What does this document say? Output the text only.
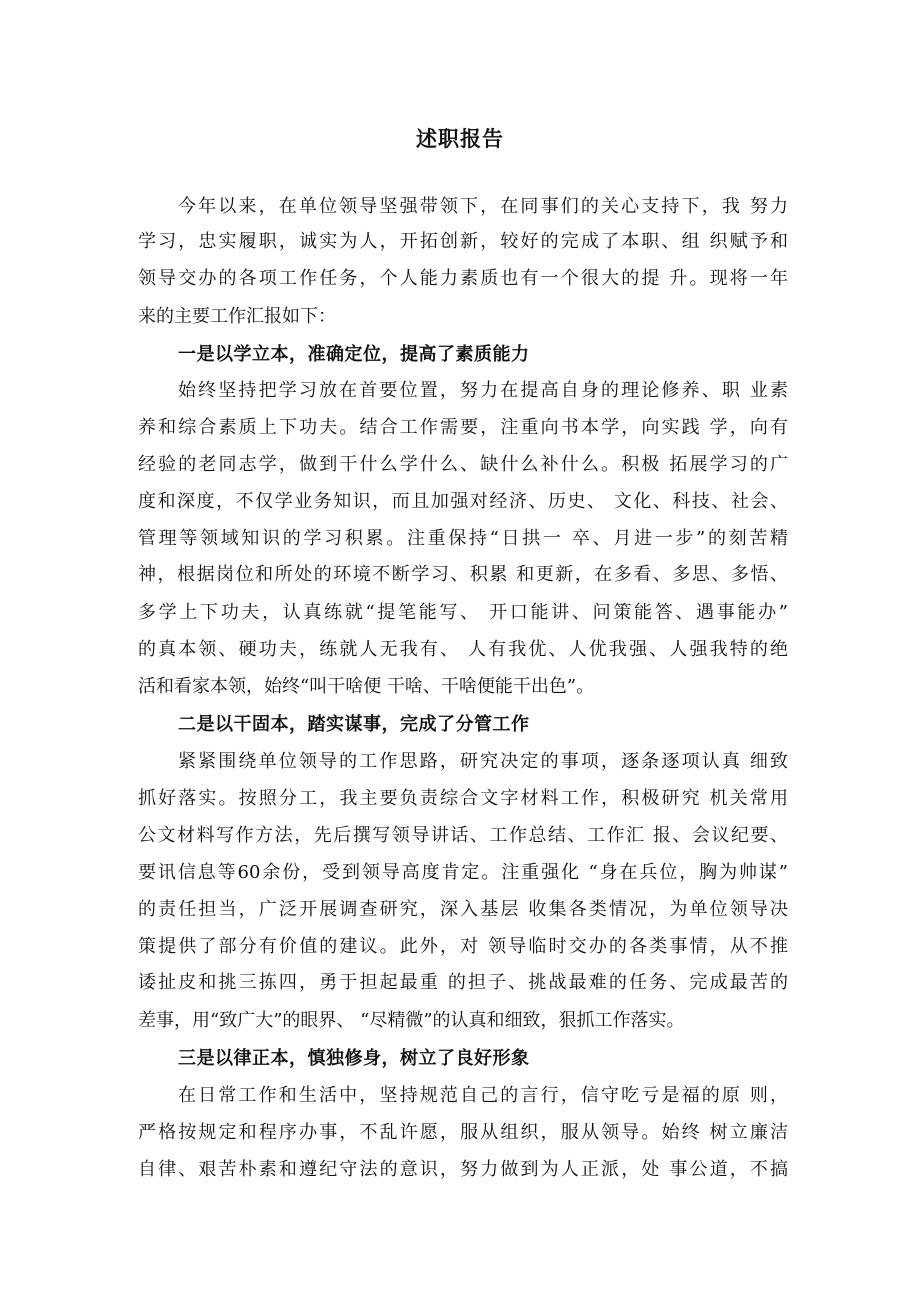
述职报告
今年以来，在单位领导坚强带领下，在同事们的关心支持下，我 努力
学习，忠实履职，诚实为人，开拓创新，较好的完成了本职、组 织赋予和
领导交办的各项工作任务，个人能力素质也有一个很大的提 升。现将一年
来的主要工作汇报如下：
一是以学立本，准确定位，提高了素质能力
始终坚持把学习放在首要位置，努力在提高自身的理论修养、职 业素
养和综合素质上下功夫。结合工作需要，注重向书本学，向实践 学，向有
经验的老同志学，做到干什么学什么、缺什么补什么。积极 拓展学习的广
度和深度，不仅学业务知识，而且加强对经济、历史、 文化、科技、社会、
管理等领域知识的学习积累。注重保持“日拱一 卒、月进一步”的刻苦精
神，根据岗位和所处的环境不断学习、积累 和更新，在多看、多思、多悟、
多学上下功夫，认真练就“提笔能写、 开口能讲、问策能答、遇事能办”
的真本领、硬功夫，练就人无我有、 人有我优、人优我强、人强我特的绝
活和看家本领，始终“叫干啥便 干啥、干啥便能干出色”。
二是以干固本，踏实谋事，完成了分管工作
紧紧围绕单位领导的工作思路，研究决定的事项，逐条逐项认真 细致
抓好落实。按照分工，我主要负责综合文字材料工作，积极研究 机关常用
公文材料写作方法，先后撰写领导讲话、工作总结、工作汇 报、会议纪要、
要讯信息等60余份，受到领导高度肯定。注重强化 “身在兵位，胸为帅谋”
的责任担当，广泛开展调查研究，深入基层 收集各类情况，为单位领导决
策提供了部分有价值的建议。此外，对 领导临时交办的各类事情，从不推
诿扯皮和挑三拣四，勇于担起最重 的担子、挑战最难的任务、完成最苦的
差事，用“致广大”的眼界、 “尽精微”的认真和细致，狠抓工作落实。
三是以律正本，慎独修身，树立了良好形象
在日常工作和生活中，坚持规范自己的言行，信守吃亏是福的原 则，
严格按规定和程序办事，不乱许愿，服从组织，服从领导。始终 树立廉洁
自律、艰苦朴素和遵纪守法的意识，努力做到为人正派，处 事公道，不搞
